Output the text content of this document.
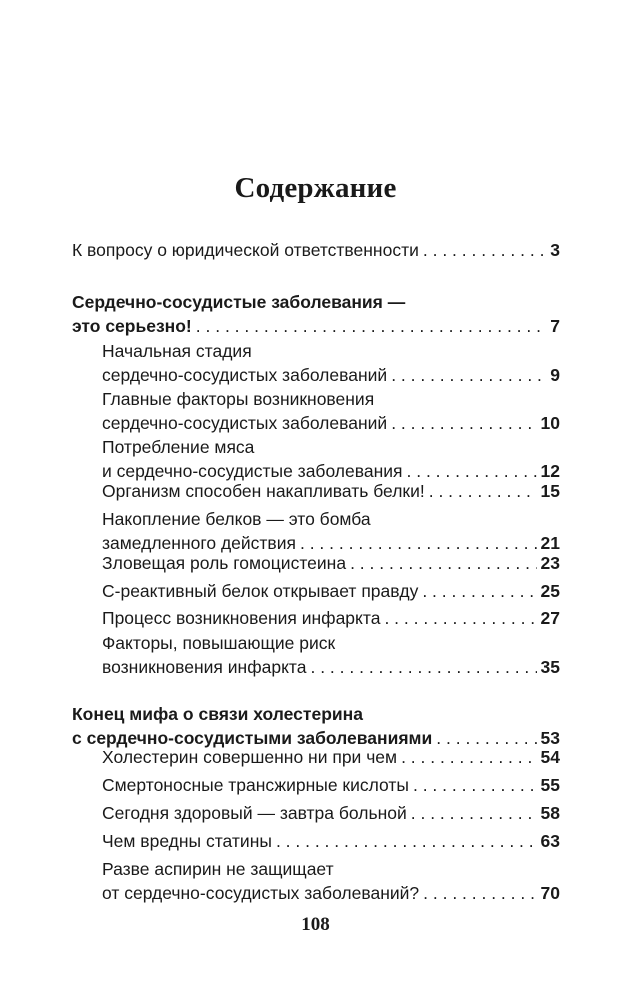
Содержание
К вопросу о юридической ответственности . . .	3
Сердечно-сосудистые заболевания —
это серьезно! . . .	7
Начальная стадия
сердечно-сосудистых заболеваний . . .	9
Главные факторы возникновения
сердечно-сосудистых заболеваний . . .	10
Потребление мяса
и сердечно-сосудистые заболевания . . .	12
Организм способен накапливать белки! . . .	15
Накопление белков — это бомба
замедленного действия . . .	21
Зловещая роль гомоцистеина . . .	23
C-реактивный белок открывает правду . . .	25
Процесс возникновения инфаркта . . .	27
Факторы, повышающие риск
возникновения инфаркта . . .	35
Конец мифа о связи холестерина
с сердечно-сосудистыми заболеваниями . . .	53
Холестерин совершенно ни при чем . . .	54
Смертоносные трансжирные кислоты . . .	55
Сегодня здоровый — завтра больной . . .	58
Чем вредны статины . . .	63
Разве аспирин не защищает
от сердечно-сосудистых заболеваний? . . .	70
108
